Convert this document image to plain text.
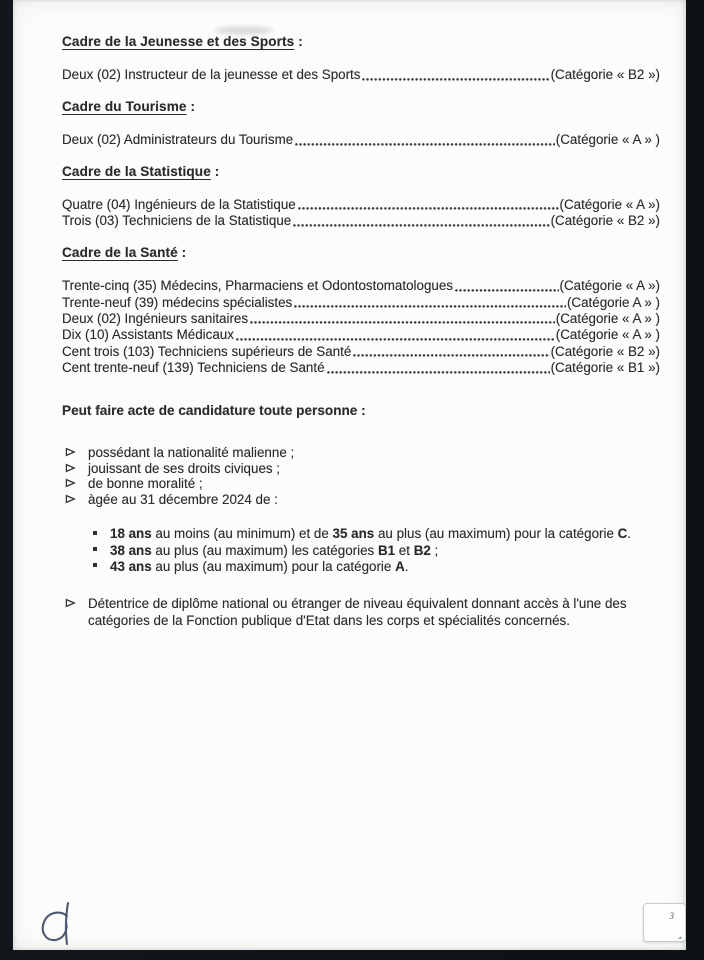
Cadre de la Jeunesse et des Sports :
Deux (02) Instructeur de la jeunesse et des Sports	(Catégorie « B2 »)
Cadre du Tourisme :
Deux (02) Administrateurs du Tourisme	(Catégorie « A » )
Cadre de la Statistique :
Quatre (04) Ingénieurs de la Statistique	(Catégorie « A »)
Trois (03) Techniciens de la Statistique	(Catégorie « B2 »)
Cadre de la Santé :
Trente-cinq (35) Médecins, Pharmaciens et Odontostomatologues	(Catégorie « A »)
Trente-neuf (39) médecins spécialistes	(Catégorie A » )
Deux (02) Ingénieurs sanitaires	(Catégorie « A » )
Dix (10) Assistants Médicaux	(Catégorie « A » )
Cent trois (103) Techniciens supérieurs de Santé	(Catégorie « B2 »)
Cent trente-neuf (139) Techniciens de Santé	(Catégorie « B1 »)
Peut faire acte de candidature toute personne :
possédant la nationalité malienne ;
jouissant de ses droits civiques ;
de bonne moralité ;
àgée au 31 décembre 2024 de :
18 ans au moins (au minimum) et de 35 ans au plus (au maximum) pour la catégorie C.
38 ans au plus (au maximum) les catégories B1 et B2 ;
43 ans au plus (au maximum) pour la catégorie A.
Détentrice de diplôme national ou étranger de niveau équivalent donnant accès à l'une des catégories de la Fonction publique d'Etat dans les corps et spécialités concernés.
3
